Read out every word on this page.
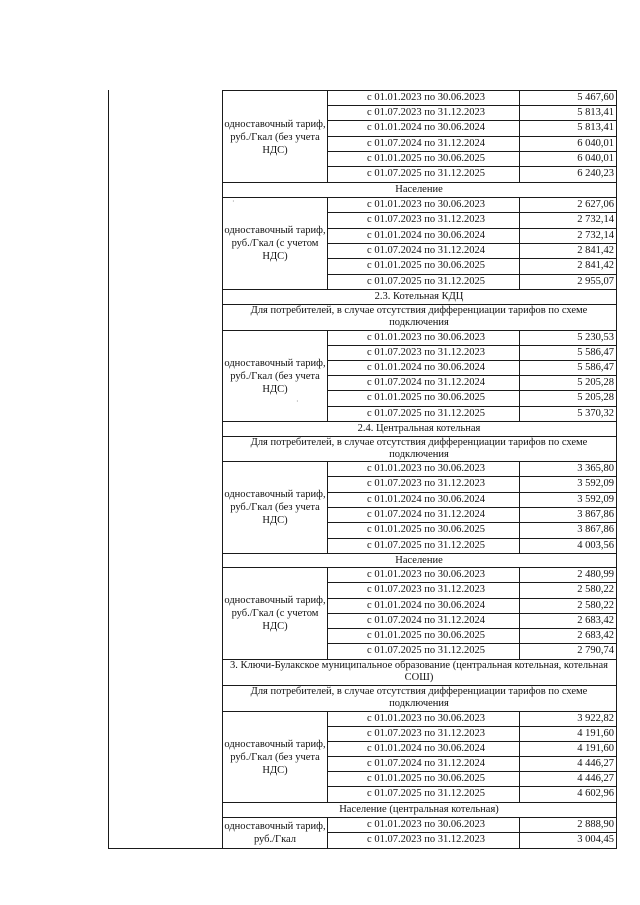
·
·
одноставочный тариф, руб./Гкал (без учета НДС)
с 01.01.2023 по 30.06.2023	5 467,60
с 01.07.2023 по 31.12.2023	5 813,41
с 01.01.2024 по 30.06.2024	5 813,41
с 01.07.2024 по 31.12.2024	6 040,01
с 01.01.2025 по 30.06.2025	6 040,01
с 01.07.2025 по 31.12.2025	6 240,23
Население
одноставочный тариф, руб./Гкал (с учетом НДС)
с 01.01.2023 по 30.06.2023	2 627,06
с 01.07.2023 по 31.12.2023	2 732,14
с 01.01.2024 по 30.06.2024	2 732,14
с 01.07.2024 по 31.12.2024	2 841,42
с 01.01.2025 по 30.06.2025	2 841,42
с 01.07.2025 по 31.12.2025	2 955,07
2.3. Котельная КДЦ
Для потребителей, в случае отсутствия дифференциации тарифов по схеме подключения
одноставочный тариф, руб./Гкал (без учета НДС)
с 01.01.2023 по 30.06.2023	5 230,53
с 01.07.2023 по 31.12.2023	5 586,47
с 01.01.2024 по 30.06.2024	5 586,47
с 01.07.2024 по 31.12.2024	5 205,28
с 01.01.2025 по 30.06.2025	5 205,28
с 01.07.2025 по 31.12.2025	5 370,32
2.4. Центральная котельная
Для потребителей, в случае отсутствия дифференциации тарифов по схеме подключения
одноставочный тариф, руб./Гкал (без учета НДС)
с 01.01.2023 по 30.06.2023	3 365,80
с 01.07.2023 по 31.12.2023	3 592,09
с 01.01.2024 по 30.06.2024	3 592,09
с 01.07.2024 по 31.12.2024	3 867,86
с 01.01.2025 по 30.06.2025	3 867,86
с 01.07.2025 по 31.12.2025	4 003,56
Население
одноставочный тариф, руб./Гкал (с учетом НДС)
с 01.01.2023 по 30.06.2023	2 480,99
с 01.07.2023 по 31.12.2023	2 580,22
с 01.01.2024 по 30.06.2024	2 580,22
с 01.07.2024 по 31.12.2024	2 683,42
с 01.01.2025 по 30.06.2025	2 683,42
с 01.07.2025 по 31.12.2025	2 790,74
3. Ключи-Булакское муниципальное образование (центральная котельная, котельная СОШ)
Для потребителей, в случае отсутствия дифференциации тарифов по схеме подключения
одноставочный тариф, руб./Гкал (без учета НДС)
с 01.01.2023 по 30.06.2023	3 922,82
с 01.07.2023 по 31.12.2023	4 191,60
с 01.01.2024 по 30.06.2024	4 191,60
с 01.07.2024 по 31.12.2024	4 446,27
с 01.01.2025 по 30.06.2025	4 446,27
с 01.07.2025 по 31.12.2025	4 602,96
Население (центральная котельная)
одноставочный тариф, руб./Гкал
с 01.01.2023 по 30.06.2023	2 888,90
с 01.07.2023 по 31.12.2023	3 004,45
